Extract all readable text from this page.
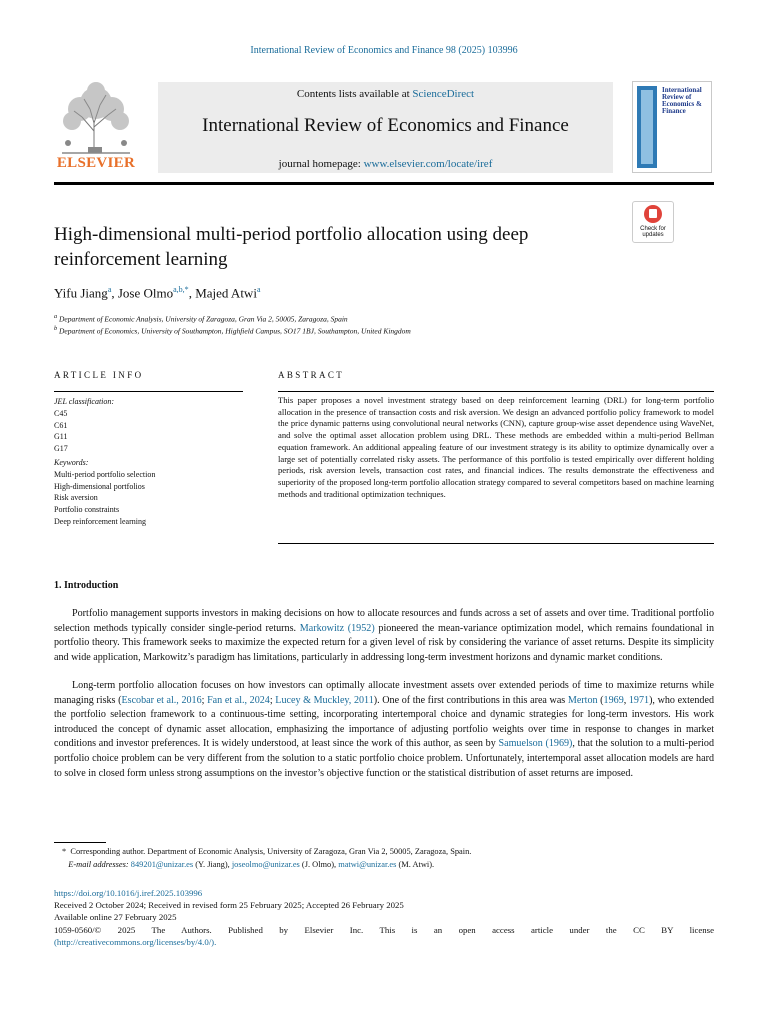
International Review of Economics and Finance 98 (2025) 103996
ELSEVIER
Contents lists available at ScienceDirect
International Review of Economics and Finance
journal homepage: www.elsevier.com/locate/iref
International Review of Economics & Finance
High-dimensional multi-period portfolio allocation using deep reinforcement learning
Check for updates
Yifu Jiang$^a$, Jose Olmo$^{a,b,*}$, Majed Atwi$^a$
$^a$ Department of Economic Analysis, University of Zaragoza, Gran Via 2, 50005, Zaragoza, Spain
$^b$ Department of Economics, University of Southampton, Highfield Campus, SO17 1BJ, Southampton, United Kingdom
ARTICLE INFO	ABSTRACT
JEL classification:
C45
C61
G11
G17
Keywords:
Multi-period portfolio selection
High-dimensional portfolios
Risk aversion
Portfolio constraints
Deep reinforcement learning
This paper proposes a novel investment strategy based on deep reinforcement learning (DRL) for long-term portfolio allocation in the presence of transaction costs and risk aversion. We design an advanced portfolio policy framework to model the price dynamic patterns using convolutional neural networks (CNN), capture group-wise asset dependence using WaveNet, and solve the optimal asset allocation problem using DRL. These methods are embedded within a multi-period Bellman equation framework. An additional appealing feature of our investment strategy is its ability to optimize dynamically over a large set of potentially correlated risky assets. The performance of this portfolio is tested empirically over different holding periods, risk aversion levels, transaction cost rates, and financial indices. The results demonstrate the effectiveness and superiority of the proposed long-term portfolio allocation strategy compared to several competitors based on machine learning methods and traditional optimization techniques.
1. Introduction
Portfolio management supports investors in making decisions on how to allocate resources and funds across a set of assets and over time. Traditional portfolio selection methods typically consider single-period returns. Markowitz (1952) pioneered the mean-variance optimization model, which remains foundational in portfolio theory. This framework seeks to maximize the expected return for a given level of risk by considering the variance of asset returns. Despite its simplicity and wide application, Markowitz’s paradigm has limitations, particularly in addressing long-term investment horizons and dynamic market conditions.
Long-term portfolio allocation focuses on how investors can optimally allocate investment assets over extended periods of time to maximize returns while managing risks (Escobar et al., 2016; Fan et al., 2024; Lucey & Muckley, 2011). One of the first contributions in this area was Merton (1969, 1971), who extended the portfolio selection framework to a continuous-time setting, incorporating intertemporal choice and dynamic strategies for long-term investors. His work introduced the concept of dynamic asset allocation, emphasizing the importance of adjusting portfolio weights over time in response to changes in market conditions and investor preferences. It is widely understood, at least since the work of this author, as seen by Samuelson (1969), that the solution to a multi-period portfolio choice problem can be very different from the solution to a static portfolio choice problem. Unfortunately, intertemporal asset allocation models are hard to solve in closed form unless strong assumptions on the investor’s objective function or the statistical distribution of asset returns are imposed.
* Corresponding author. Department of Economic Analysis, University of Zaragoza, Gran Via 2, 50005, Zaragoza, Spain.
E-mail addresses: 849201@unizar.es (Y. Jiang), joseolmo@unizar.es (J. Olmo), matwi@unizar.es (M. Atwi).
https://doi.org/10.1016/j.iref.2025.103996
Received 2 October 2024; Received in revised form 25 February 2025; Accepted 26 February 2025
Available online 27 February 2025
1059-0560/© 2025 The Authors. Published by Elsevier Inc. This is an open access article under the CC BY license
(http://creativecommons.org/licenses/by/4.0/).
